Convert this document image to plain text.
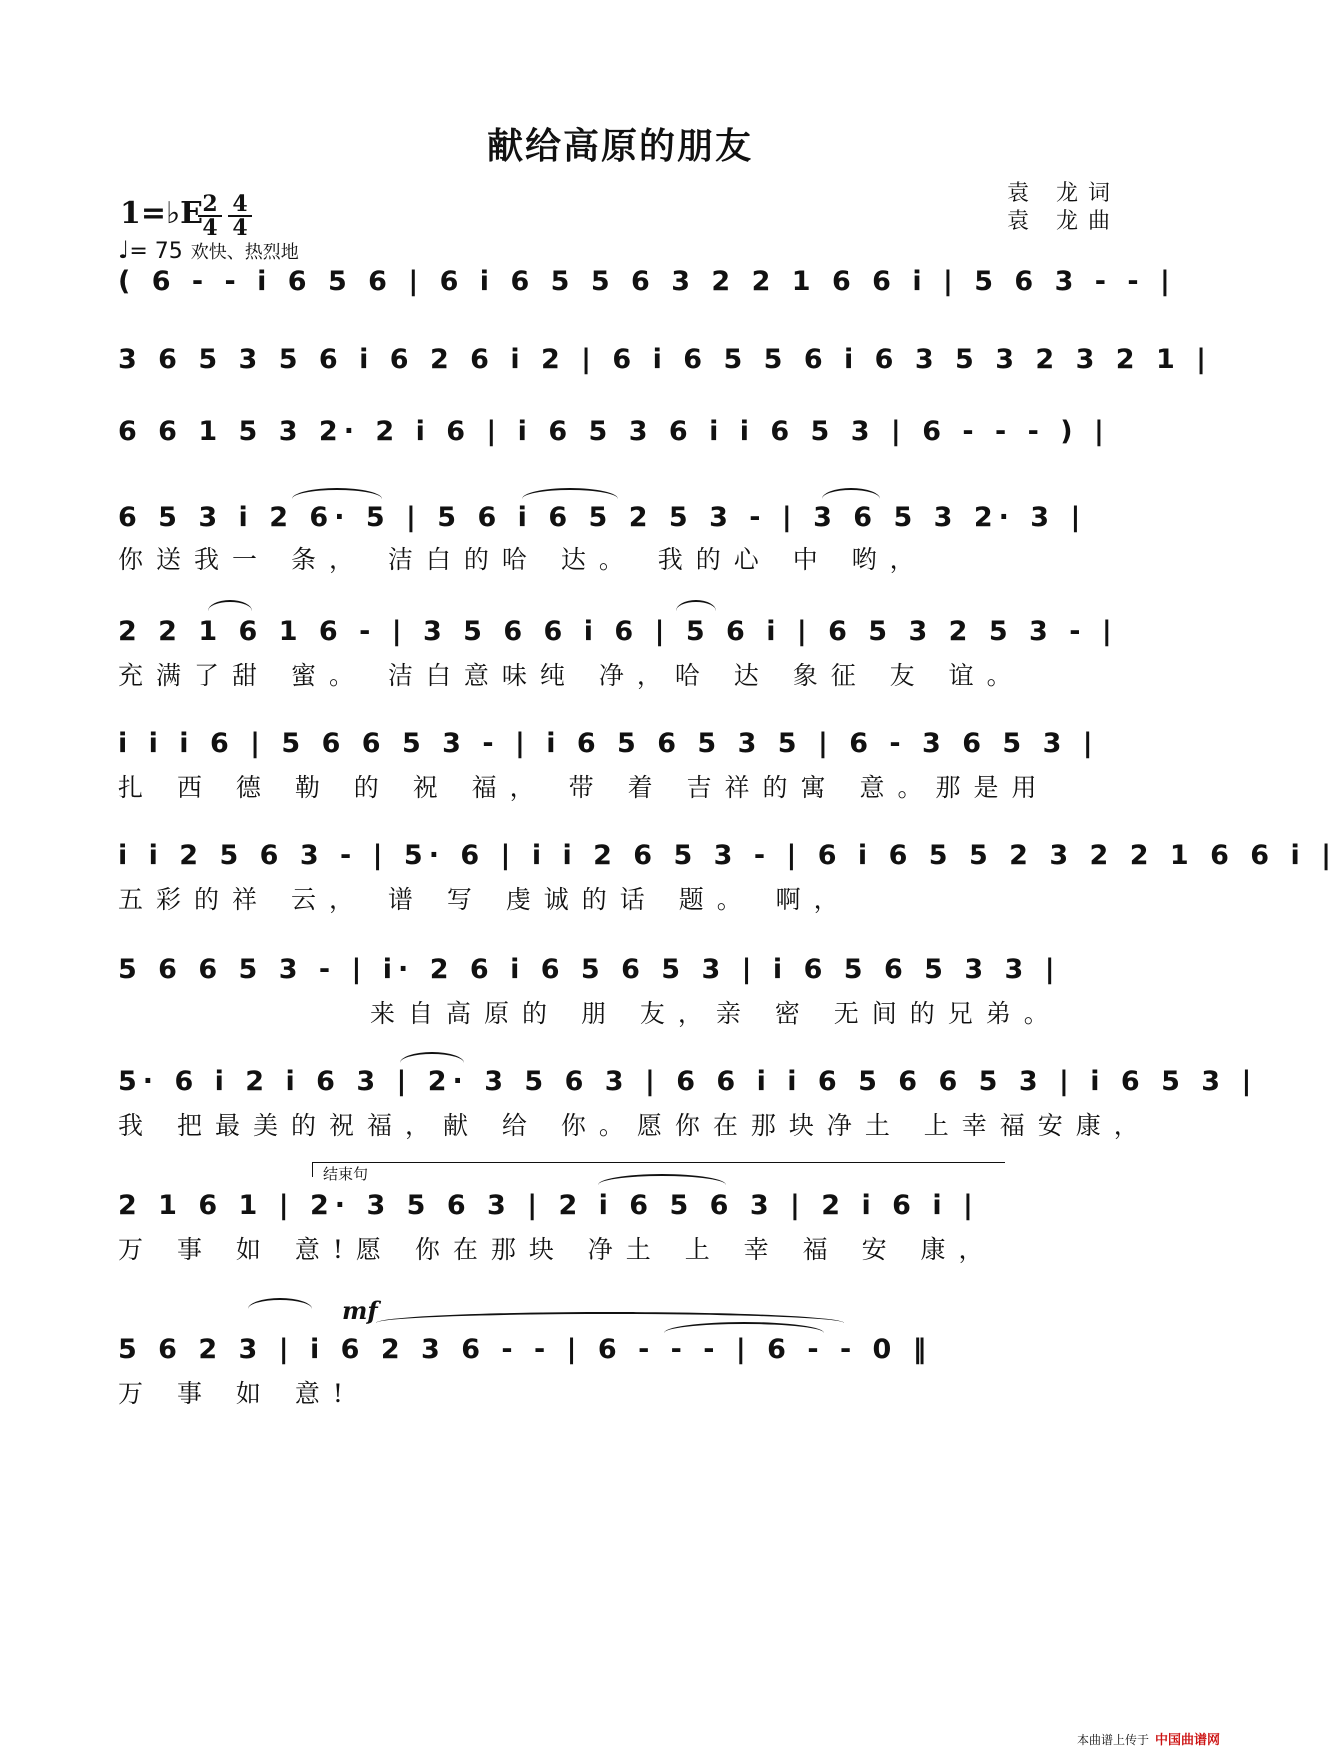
献给高原的朋友
1=♭E 2
4
4
4
♩= 75 欢快、热烈地
袁 龙词
袁 龙曲
( 6 - - i 6 5 6 | 6 i 6 5 5 6 3 2 2 1 6 6 i | 5 6 3 - - |
3 6 5 3 5 6 i 6 2 6 i 2 | 6 i 6 5 5 6 i 6 3 5 3 2 3 2 1 |
6 6 1 5 3 2· 2 i 6 | i 6 5 3 6 i i 6 5 3 | 6 - - - ) |
6 5 3 i 2 6· 5 | 5 6 i 6 5 2 5 3 - | 3 6 5 3 2· 3 |
你送我一 条， 洁白的哈 达。 我的心 中 哟，
2 2 1 6 1 6 - | 3 5 6 6 i 6 | 5 6 i | 6 5 3 2 5 3 - |
充满了甜 蜜。 洁白意味纯 净，哈 达 象征 友 谊。
i i i 6 | 5 6 6 5 3 - | i 6 5 6 5 3 5 | 6 - 3 6 5 3 |
扎 西 德 勒 的 祝 福， 带 着 吉祥的寓 意。那是用
i i 2 5 6 3 - | 5· 6 | i i 2 6 5 3 - | 6 i 6 5 5 2 3 2 2 1 6 6 i |
五彩的祥 云， 谱 写 虔诚的话 题。 啊，
5 6 6 5 3 - | i· 2 6 i 6 5 6 5 3 | i 6 5 6 5 3 3 |
来自高原的 朋 友，亲 密 无间的兄弟。
5· 6 i 2 i 6 3 | 2· 3 5 6 3 | 6 6 i i 6 5 6 6 5 3 | i 6 5 3 |
我 把最美的祝福，献 给 你。愿你在那块净土 上幸福安康，
结束句
2 1 6 1 | 2· 3 5 6 3 | 2 i 6 5 6 3 | 2 i 6 i |
万 事 如 意!愿 你在那块 净土 上 幸 福 安 康，
mf
5 6 2 3 | i 6 2 3 6 - - | 6 - - - | 6 - - 0 ‖
万 事 如 意!
本曲谱上传于 中国曲谱网
